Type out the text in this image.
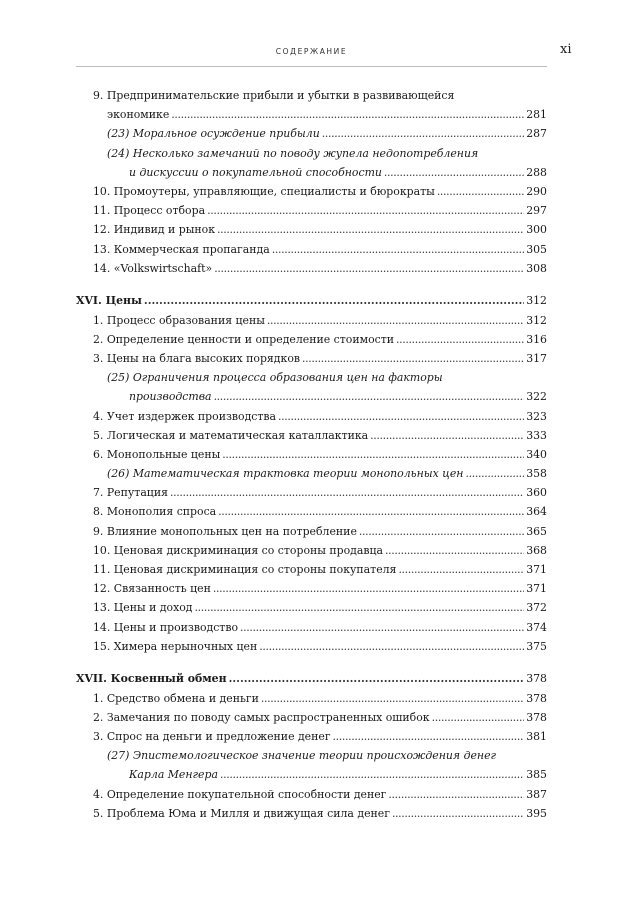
СОДЕРЖАНИЕ	xi
9. Предпринимательские прибыли и убытки в развивающейся
экономике . . .	281
(23) Моральное осуждение прибыли . . .	287
(24) Несколько замечаний по поводу жупела недопотребления
и дискуссии о покупательной способности . . .	288
10. Промоутеры, управляющие, специалисты и бюрократы . . .	290
11. Процесс отбора . . .	297
12. Индивид и рынок . . .	300
13. Коммерческая пропаганда . . .	305
14. «Volkswirtschaft» . . .	308
XVI. Цены . . .	312
1. Процесс образования цены . . .	312
2. Определение ценности и определение стоимости . . .	316
3. Цены на блага высоких порядков . . .	317
(25) Ограничения процесса образования цен на факторы
производства . . .	322
4. Учет издержек производства . . .	323
5. Логическая и математическая каталлактика . . .	333
6. Монопольные цены . . .	340
(26) Математическая трактовка теории монопольных цен . . .	358
7. Репутация . . .	360
8. Монополия спроса . . .	364
9. Влияние монопольных цен на потребление . . .	365
10. Ценовая дискриминация со стороны продавца . . .	368
11. Ценовая дискриминация со стороны покупателя . . .	371
12. Связанность цен . . .	371
13. Цены и доход . . .	372
14. Цены и производство . . .	374
15. Химера нерыночных цен . . .	375
XVII. Косвенный обмен . . .	378
1. Средство обмена и деньги . . .	378
2. Замечания по поводу самых распространенных ошибок . . .	378
3. Спрос на деньги и предложение денег . . .	381
(27) Эпистемологическое значение теории происхождения денег
Карла Менгера . . .	385
4. Определение покупательной способности денег . . .	387
5. Проблема Юма и Милля и движущая сила денег . . .	395
